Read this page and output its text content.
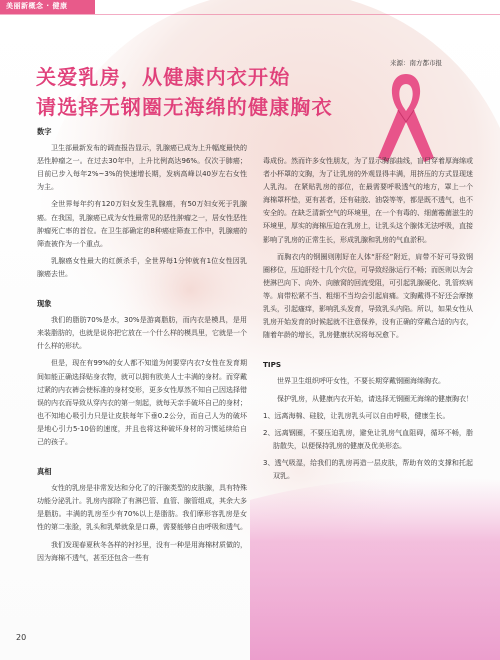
美丽新概念 · 健康
来源：南方都市报
关爱乳房，从健康内衣开始
请选择无钢圈无海绵的健康胸衣
数字

卫生部最新发布的调查报告显示，乳腺癌已成为上升幅度最快的恶性肿瘤之一。在过去30年中，上升比例高达96%。仅次于肺癌；目前已步入每年2%~3%的快速增长期，发病高峰以40岁左右女性为主。

全世界每年约有120万妇女发生乳腺癌，有50万妇女死于乳腺癌。在我国，乳腺癌已成为女性最常见的恶性肿瘤之一，居女性恶性肿瘤死亡率的首位。在卫生部确定的8种癌症筛查工作中，乳腺癌的筛查被作为一个重点。

乳腺癌女性最大的红颜杀手，全世界每1分钟就有1位女性因乳腺癌去世。

现象

我们的脂肪70%是水，30%是游离脂肪，而内衣是模具，是用来装脂肪的，也就是说你把它放在一个什么样的模具里，它就是一个什么样的形状。

但是，现在有99%的女人都不知道为何要穿内衣?女性在发育期间如能正确选择贴身衣物，就可以拥有欧美人士丰满的身材。而穿戴过紧的内衣裤会使标准的身材变形，更多女性厚然不知自己因选择错误的内衣而导致从穿内衣的第一刻起，就每天亲手破坏自己的身材；也不知地心吸引力只是让皮肤每年下垂0.2公分，而自己人为的破坏是地心引力5-10倍的速度，并且也将这种破坏身材的习惯延续给自己的孩子。

真相

女性的乳房是非常发达和分化了的汗腺类型的皮肤腺，具有特殊功能分泌乳汁。乳房内部除了有淋巴管、血管、腺管组成，其余大多是脂肪。丰满的乳房至少有70%以上是脂肪。我们摩形容乳房是女性的第二张脸，乳头和乳晕就象是口鼻，需要能够自由呼吸和透气。

我们发现春夏秋冬各样的衬衫里，没有一种是用海棉材质做的，因为海棉不透气，甚至还包含一些有

毒成份。然而许多女性朋友，为了显示胸部曲线，盲目穿着厚海绵或者小杯罩的文胸，为了让乳房的外观显得丰满，用挤压的方式显现迷人乳沟。 在紧贴乳房的部位，在最需要呼吸透气的地方，罩上一个海棉罩杯垫，更有甚者，还有硅胶、油袋等等，都是既不透气，也不安全的。在缺乏清新空气的环境里，在一个有毒的、细菌霉菌滋生的环境里，厚实的海棉压迫在乳房上，让乳头这个腺体无法呼吸，直接影响了乳房的正常生长，形成乳腺和乳房的气血淤积。

而胸衣内的钢圈则刚好在人体“肝经”附近，肩带不好可导致钢圈移位，压迫肝经十几个穴位，可导致经脉运行不畅；而医则以为会使淋巴向下、向外、向腋窝的回流受阻，可引起乳腺硬化、乳管疾病等。肩带松紧不当、粗细不当均会引起肩痛。文胸戴得不好还会摩擦乳头，引起瘙痒，影响乳头发育，导致乳头内陷。所以，如果女性从乳房开始发育的时候起就不注意保养，没有正确的穿戴合适的内衣，随着年龄的增长，乳房健康状况将每况愈下。

TIPS

世界卫生组织呼吁女性，不要长期穿戴钢圈海绵胸衣。

保护乳房，从健康内衣开始，请选择无钢圈无海绵的健康胸衣！

1、远离海棉、硅胶，让乳房乳头可以自由呼吸，健康生长。
2、远离钢圈，不要压迫乳房，避免让乳房气血阻碍，循环不畅，脂肪散失，以便保持乳房的健康及优美形态。
3、透气吸湿，给我们的乳房再造一层皮肤，帮助有效的支撑和托起双乳。
20
